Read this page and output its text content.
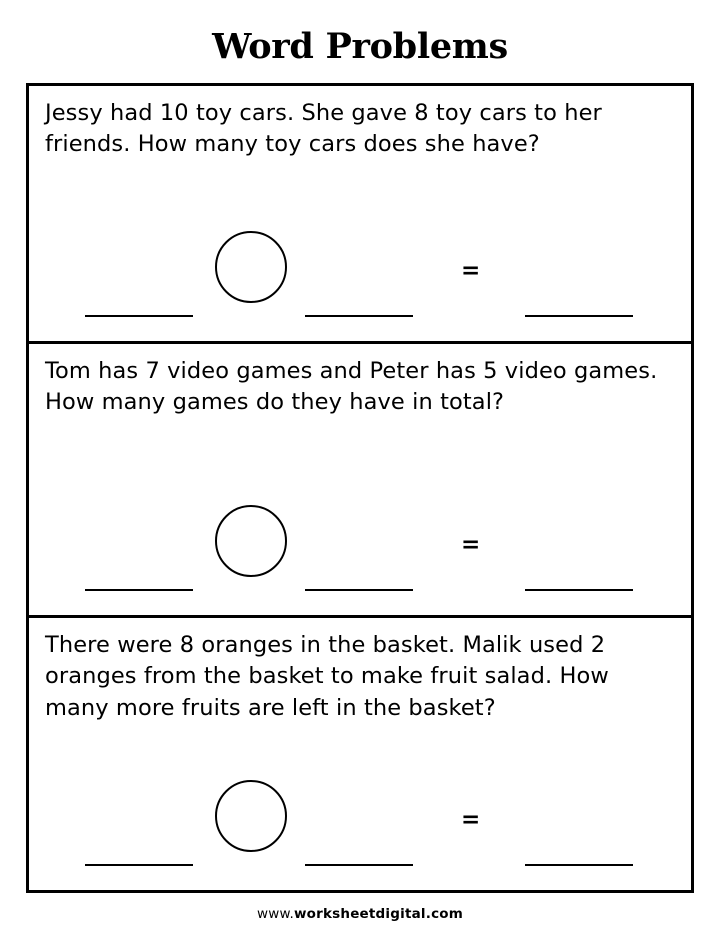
Word Problems

Jessy had 10 toy cars. She gave 8 toy cars to her friends. How many toy cars does she have?

=

Tom has 7 video games and Peter has 5 video games. How many games do they have in total?

=

There were 8 oranges in the basket. Malik used 2 oranges from the basket to make fruit salad. How many more fruits are left in the basket?

=
www.worksheetdigital.com
